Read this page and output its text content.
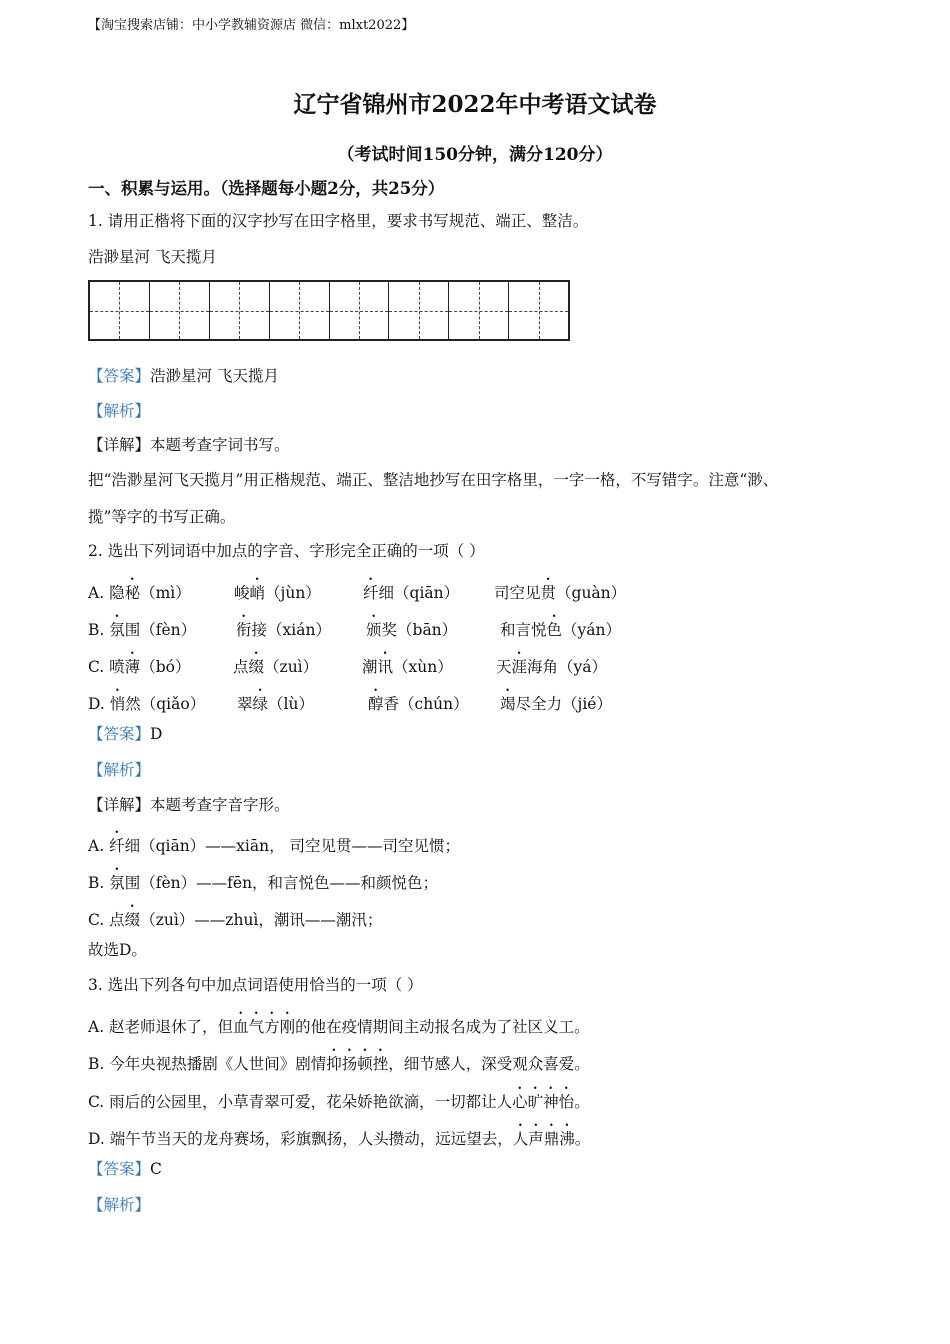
【淘宝搜索店铺：中小学教辅资源店 微信：mlxt2022】
辽宁省锦州市2022年中考语文试卷
（考试时间150分钟，满分120分）
一、积累与运用。（选择题每小题2分，共25分）
1. 请用正楷将下面的汉字抄写在田字格里，要求书写规范、端正、整洁。
浩渺星河 飞天揽月
【答案】浩渺星河 飞天揽月
【解析】
【详解】本题考查字词书写。
把“浩渺星河飞天揽月”用正楷规范、端正、整洁地抄写在田字格里，一字一格，不写错字。注意“渺、
揽”等字的书写正确。
2. 选出下列词语中加点的字音、字形完全正确的一项（ ）
A. 隐秘（mì）	峻峭（jùn）	纤细（qiān） 司空见贯（guàn）
B. 氛围（fèn）	衔接（xián） 颁奖（bān）	和言悦色（yán）
C. 喷薄（bó）	点缀（zuì）	潮讯（xùn）	天涯海角（yá）
D. 悄然（qiǎo） 翠绿（lù）	醇香（chún） 竭尽全力（jié）
【答案】D
【解析】
【详解】本题考查字音字形。
A. 纤细（qiān）——xiān， 司空见贯——司空见惯；
B. 氛围（fèn）——fēn，和言悦色——和颜悦色；
C. 点缀（zuì）——zhuì，潮讯——潮汛；
故选D。
3. 选出下列各句中加点词语使用恰当的一项（ ）
A. 赵老师退休了，但血气方刚的他在疫情期间主动报名成为了社区义工。
B. 今年央视热播剧《人世间》剧情抑扬顿挫，细节感人，深受观众喜爱。
C. 雨后的公园里，小草青翠可爱，花朵娇艳欲滴，一切都让人心旷神怡。
D. 端午节当天的龙舟赛场，彩旗飘扬，人头攒动，远远望去，人声鼎沸。
【答案】C
【解析】
